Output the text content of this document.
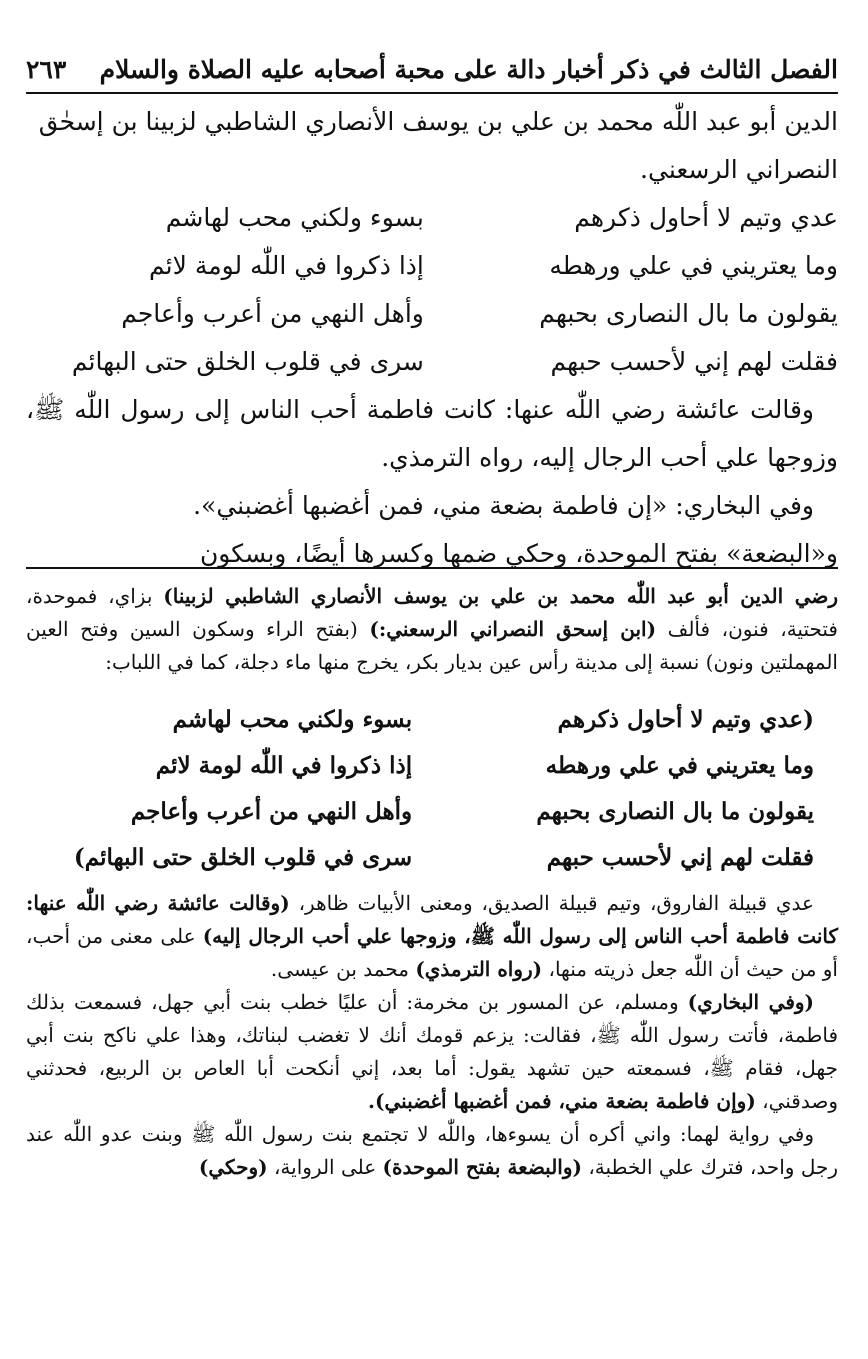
الفصل الثالث في ذكر أخبار دالة على محبة أصحابه عليه الصلاة والسلام
٢٦٣

الدين أبو عبد اللّٰه محمد بن علي بن يوسف الأنصاري الشاطبي لزبينا بن إسحٰق

النصراني الرسعني.

عدي وتيم لا أحاول ذكرهم
بسوء ولكني محب لهاشم
وما يعتريني في علي ورهطه
إذا ذكروا في اللّٰه لومة لائم
يقولون ما بال النصارى بحبهم
وأهل النهي من أعرب وأعاجم
فقلت لهم إني لأحسب حبهم
سرى في قلوب الخلق حتى البهائم

وقالت عائشة رضي اللّٰه عنها: كانت فاطمة أحب الناس إلى رسول اللّٰه ﷺ، وزوجها علي أحب الرجال إليه، رواه الترمذي.

وفي البخاري: «إن فاطمة بضعة مني، فمن أغضبها أغضبني».

و«البضعة» بفتح الموحدة، وحكي ضمها وكسرها أيضًا، وبسكون

رضي الدين أبو عبد اللّٰه محمد بن علي بن يوسف الأنصاري الشاطبي لزبينا) بزاي، فموحدة، فتحتية، فنون، فألف (ابن إسحق النصراني الرسعني:) (بفتح الراء وسكون السين وفتح العين المهملتين ونون) نسبة إلى مدينة رأس عين بديار بكر، يخرج منها ماء دجلة، كما في اللباب:

(عدي وتيم لا أحاول ذكرهم
بسوء ولكني محب لهاشم
وما يعتريني في علي ورهطه
إذا ذكروا في اللّٰه لومة لائم
يقولون ما بال النصارى بحبهم
وأهل النهي من أعرب وأعاجم
فقلت لهم إني لأحسب حبهم
سرى في قلوب الخلق حتى البهائم)

عدي قبيلة الفاروق، وتيم قبيلة الصديق، ومعنى الأبيات ظاهر، (وقالت عائشة رضي اللّٰه عنها: كانت فاطمة أحب الناس إلى رسول اللّٰه ﷺ، وزوجها علي أحب الرجال إليه) على معنى من أحب، أو من حيث أن اللّٰه جعل ذريته منها، (رواه الترمذي) محمد بن عيسى.

(وفي البخاري) ومسلم، عن المسور بن مخرمة: أن عليًا خطب بنت أبي جهل، فسمعت بذلك فاطمة، فأتت رسول اللّٰه ﷺ، فقالت: يزعم قومك أنك لا تغضب لبناتك، وهذا علي ناكح بنت أبي جهل، فقام ﷺ، فسمعته حين تشهد يقول: أما بعد، إني أنكحت أبا العاص بن الربيع، فحدثني وصدقني، (وإن فاطمة بضعة مني، فمن أغضبها أغضبني).

وفي رواية لهما: واني أكره أن يسوءها، واللّٰه لا تجتمع بنت رسول اللّٰه ﷺ وبنت عدو اللّٰه عند رجل واحد، فترك علي الخطبة، (والبضعة بفتح الموحدة) على الرواية، (وحكي)
